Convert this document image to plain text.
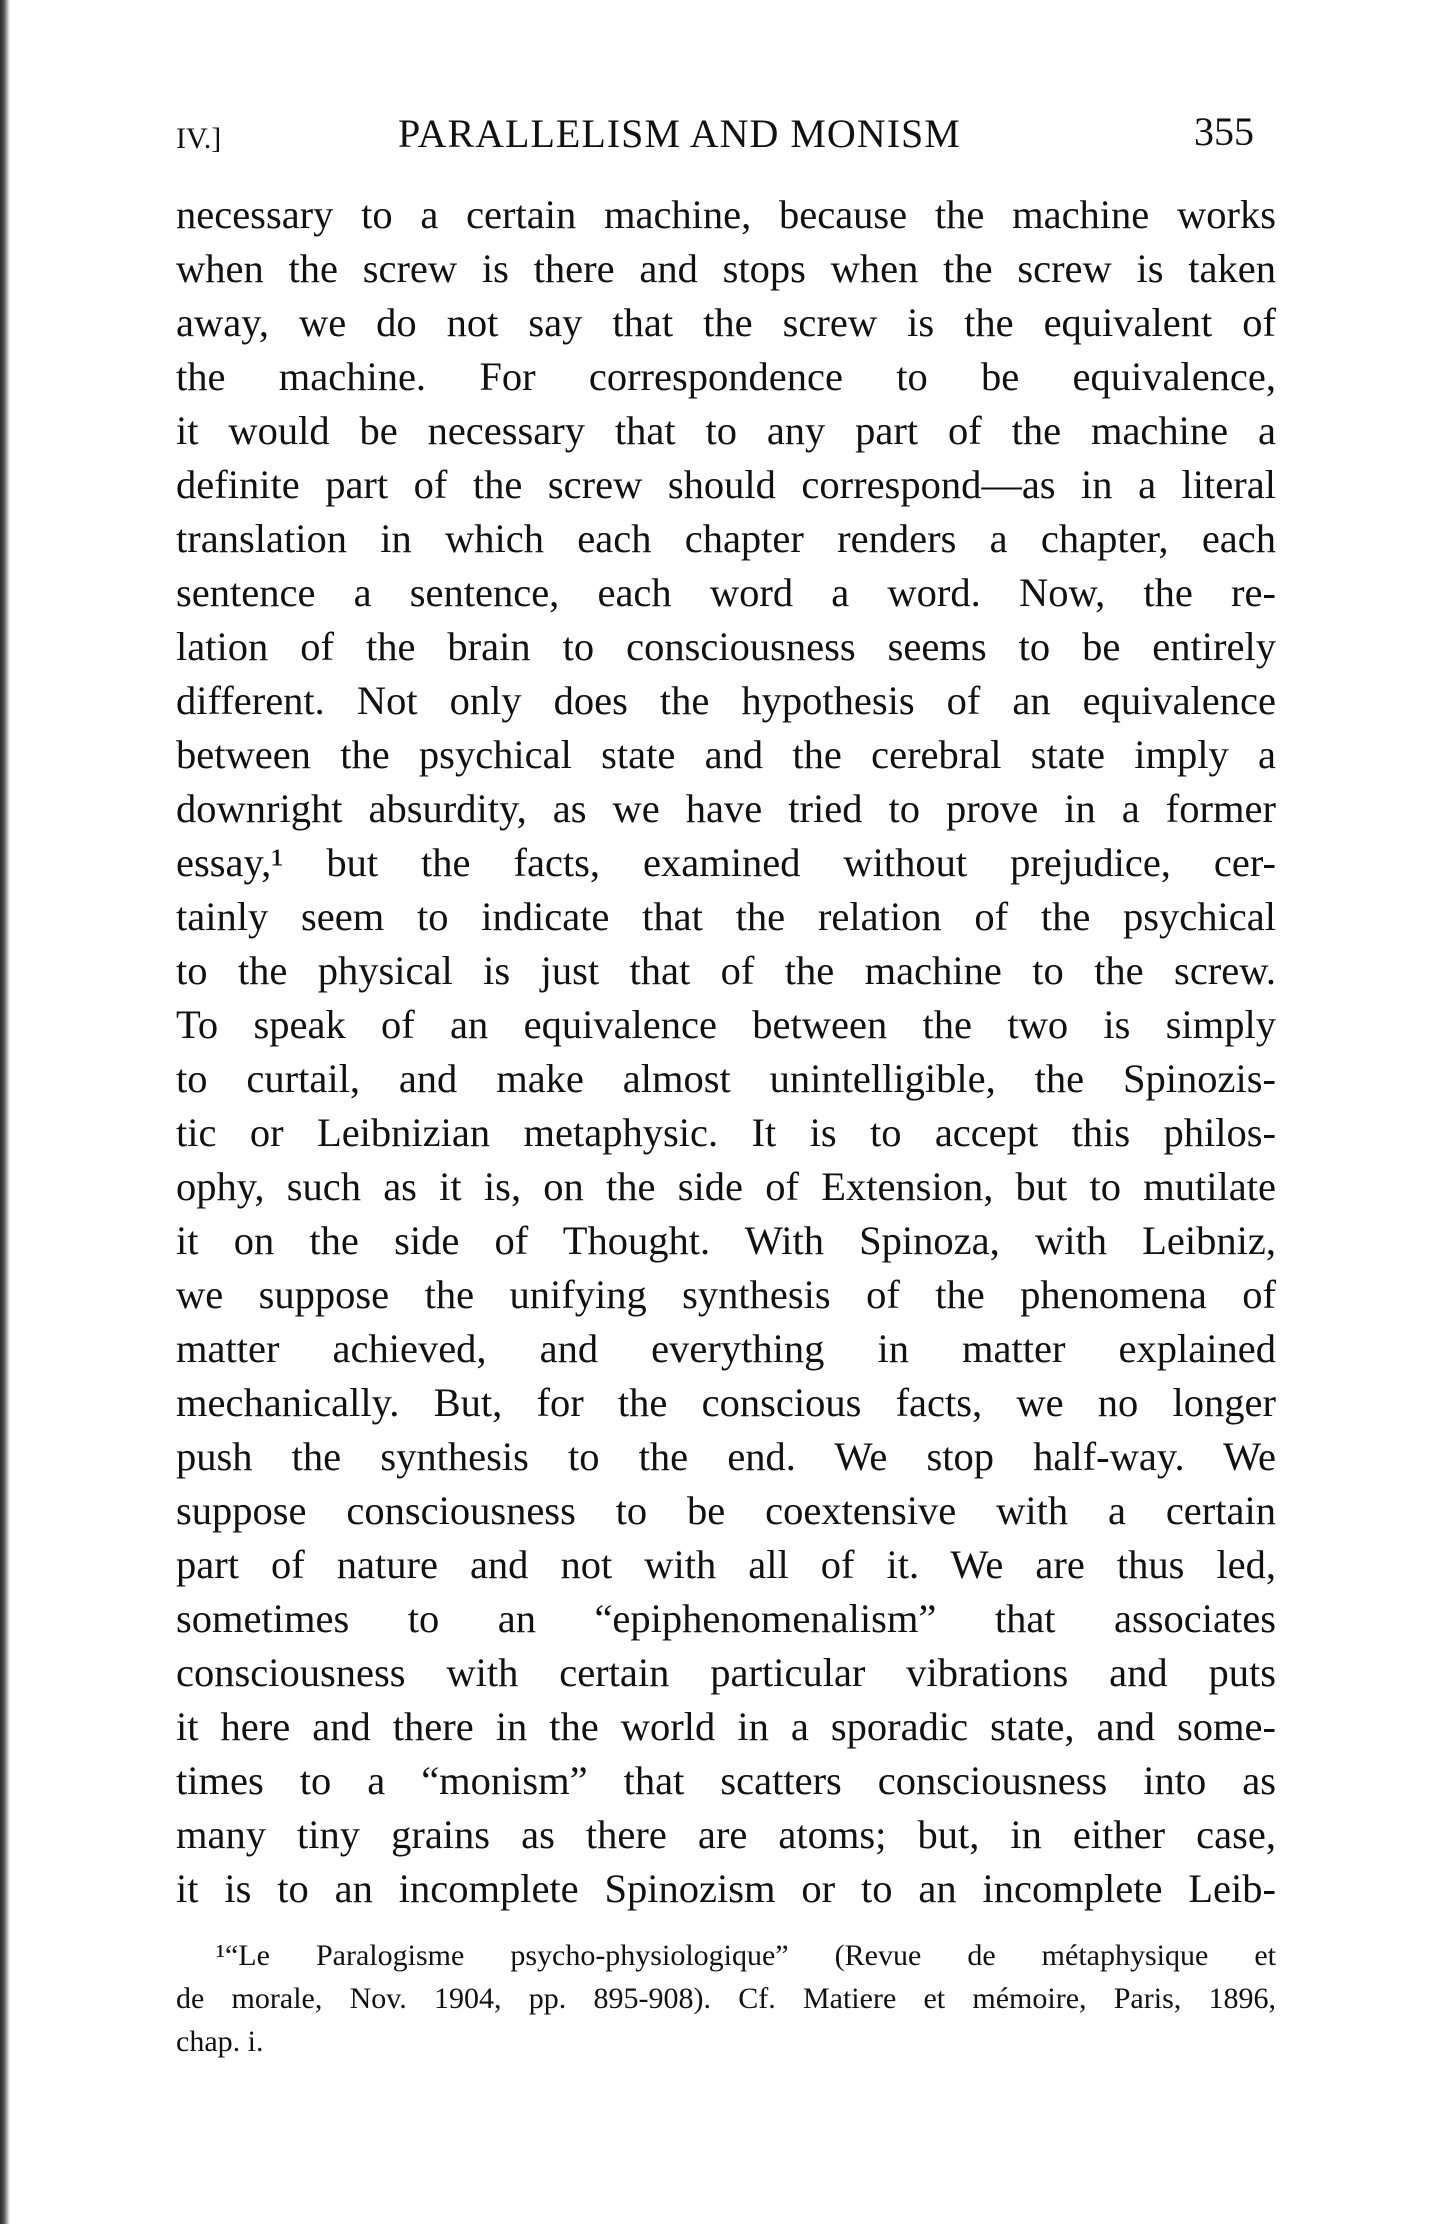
IV.]	PARALLELISM AND MONISM	355
necessary to a certain machine, because the machine works
when the screw is there and stops when the screw is taken
away, we do not say that the screw is the equivalent of
the machine. For correspondence to be equivalence,
it would be necessary that to any part of the machine a
definite part of the screw should correspond—as in a literal
translation in which each chapter renders a chapter, each
sentence a sentence, each word a word. Now, the re-
lation of the brain to consciousness seems to be entirely
different. Not only does the hypothesis of an equivalence
between the psychical state and the cerebral state imply a
downright absurdity, as we have tried to prove in a former
essay,¹ but the facts, examined without prejudice, cer-
tainly seem to indicate that the relation of the psychical
to the physical is just that of the machine to the screw.
To speak of an equivalence between the two is simply
to curtail, and make almost unintelligible, the Spinozis-
tic or Leibnizian metaphysic. It is to accept this philos-
ophy, such as it is, on the side of Extension, but to mutilate
it on the side of Thought. With Spinoza, with Leibniz,
we suppose the unifying synthesis of the phenomena of
matter achieved, and everything in matter explained
mechanically. But, for the conscious facts, we no longer
push the synthesis to the end. We stop half-way. We
suppose consciousness to be coextensive with a certain
part of nature and not with all of it. We are thus led,
sometimes to an “epiphenomenalism” that associates
consciousness with certain particular vibrations and puts
it here and there in the world in a sporadic state, and some-
times to a “monism” that scatters consciousness into as
many tiny grains as there are atoms; but, in either case,
it is to an incomplete Spinozism or to an incomplete Leib-
¹“Le Paralogisme psycho-physiologique” (Revue de métaphysique et
de morale, Nov. 1904, pp. 895-908). Cf. Matiere et mémoire, Paris, 1896,
chap. i.
